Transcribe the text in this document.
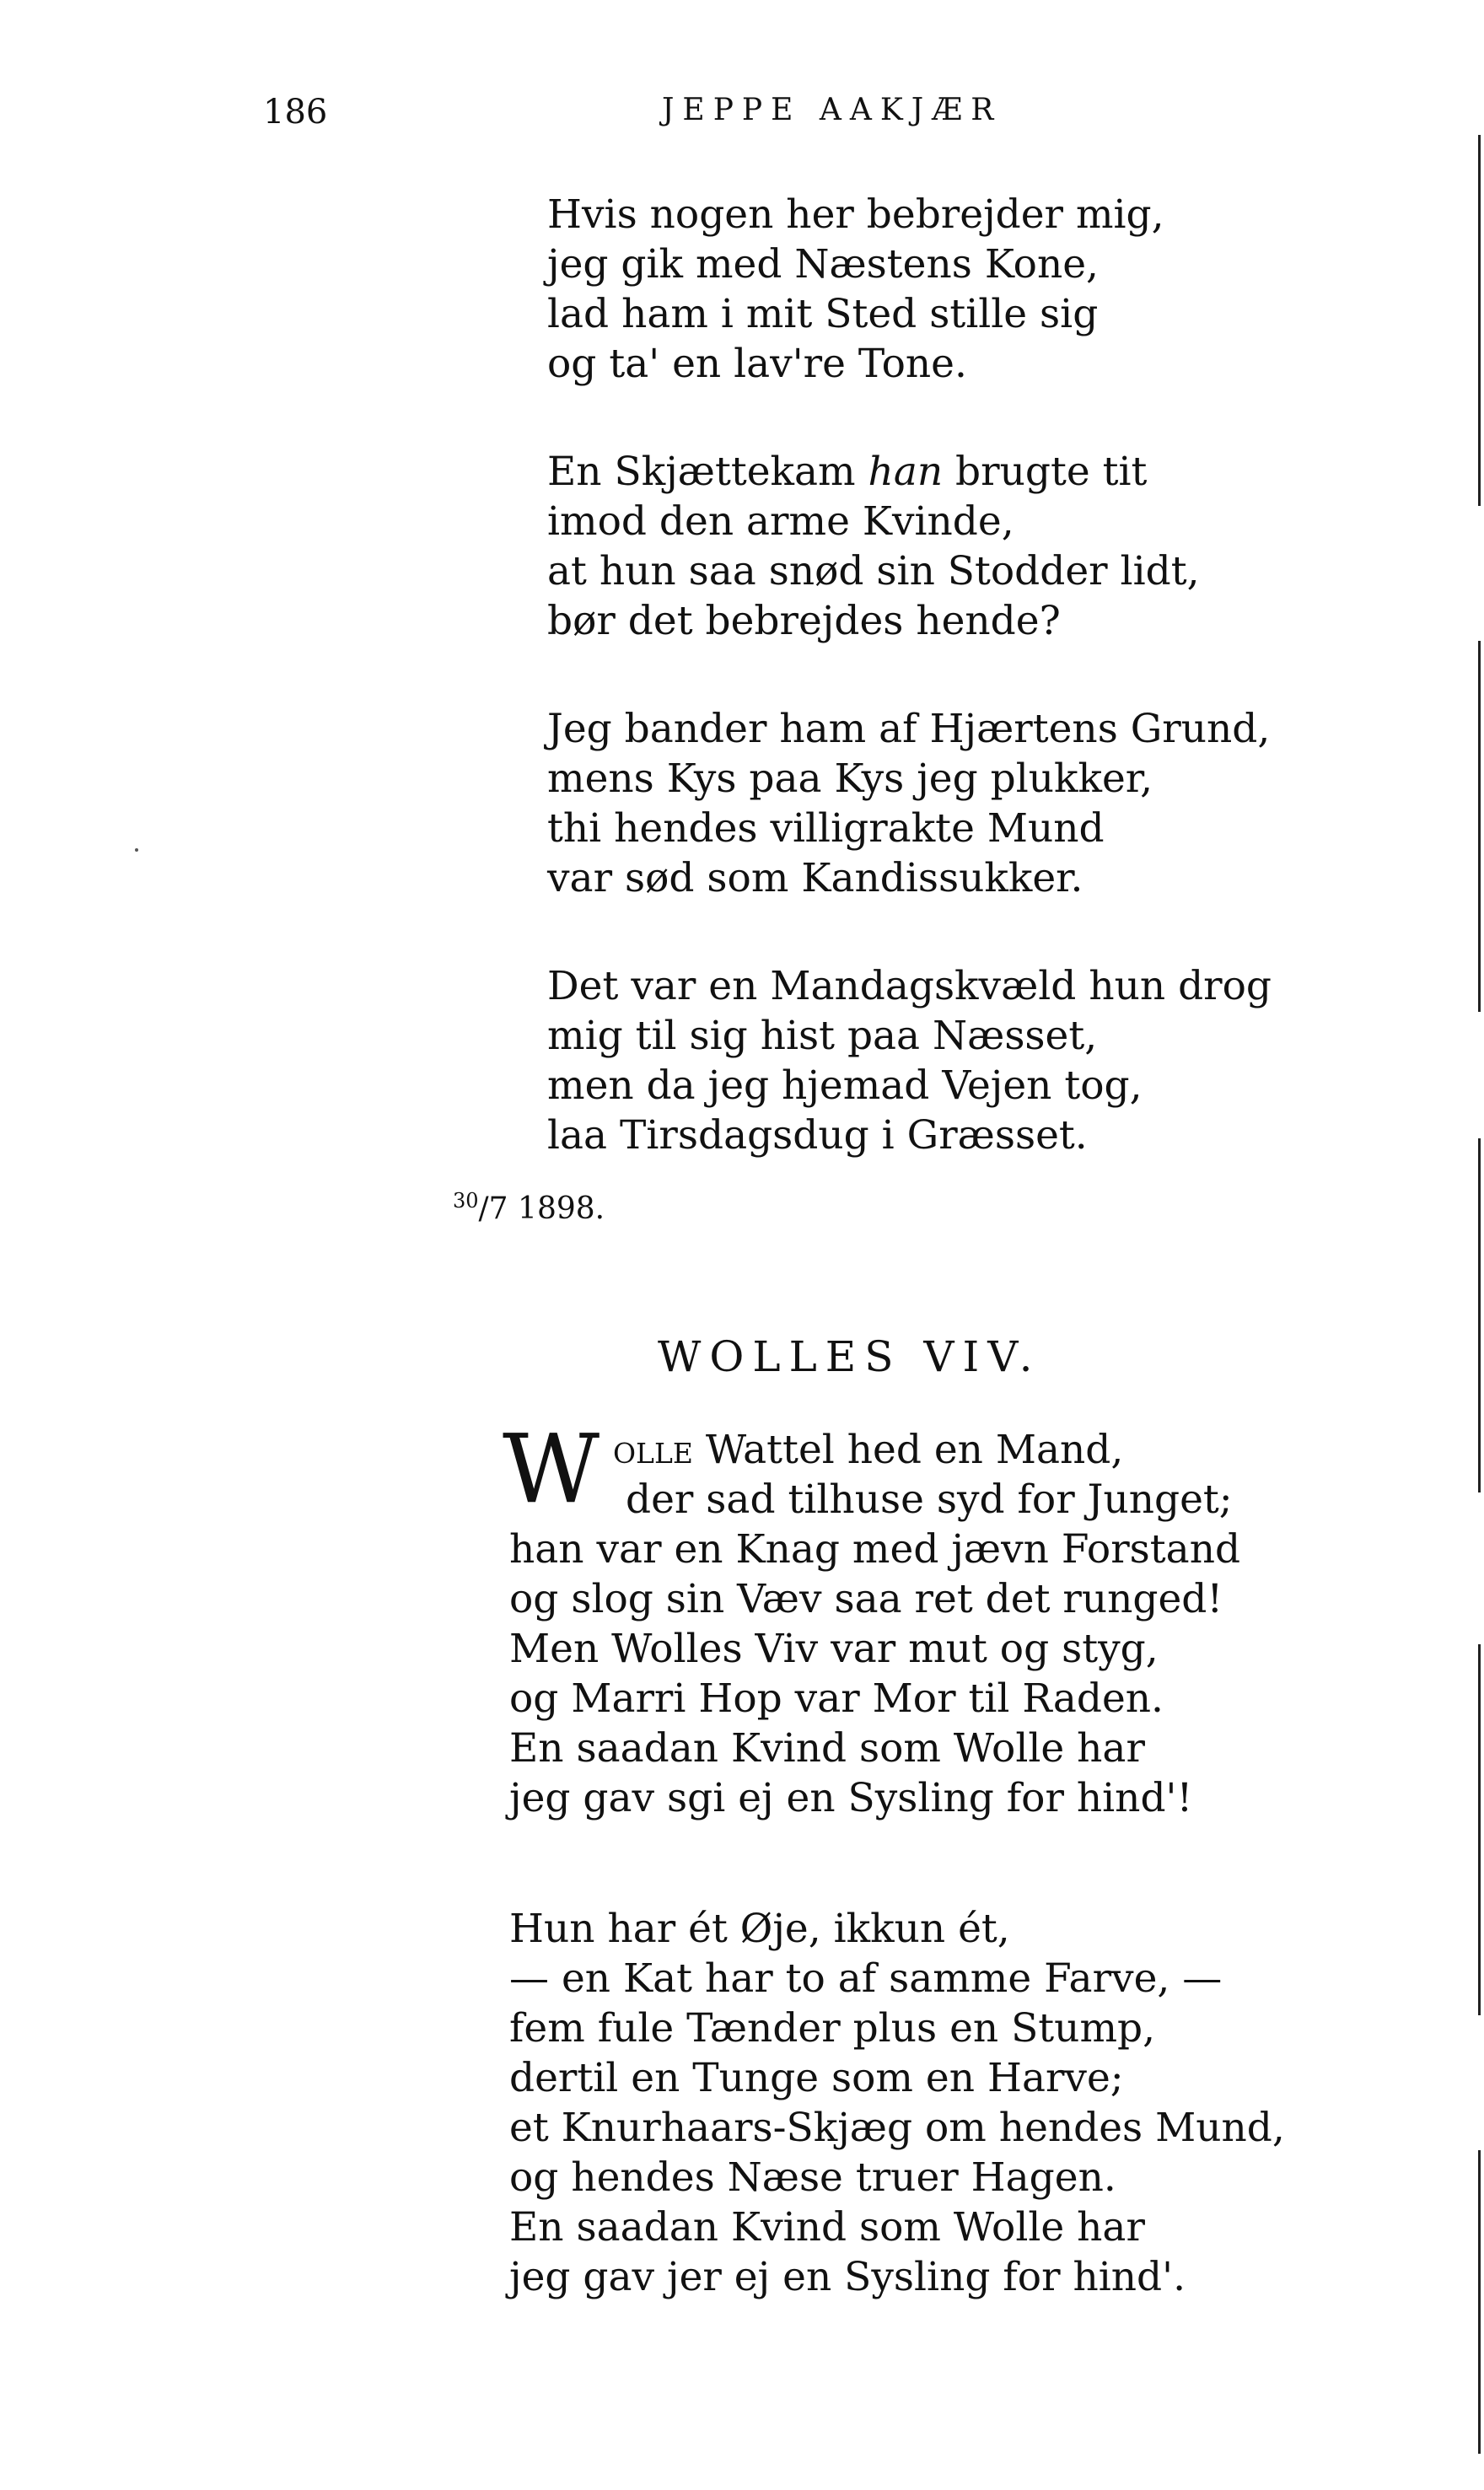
186	JEPPE AAKJÆR
Hvis nogen her bebrejder mig,
jeg gik med Næstens Kone,
lad ham i mit Sted stille sig
og ta' en lav're Tone.
En Skjættekam han brugte tit
imod den arme Kvinde,
at hun saa snød sin Stodder lidt,
bør det bebrejdes hende?
Jeg bander ham af Hjærtens Grund,
mens Kys paa Kys jeg plukker,
thi hendes villigrakte Mund
var sød som Kandissukker.
Det var en Mandagskvæld hun drog
mig til sig hist paa Næsset,
men da jeg hjemad Vejen tog,
laa Tirsdagsdug i Græsset.
$^{30}$/7 1898.
WOLLES VIV.
W olle Wattel hed en Mand,
der sad tilhuse syd for Junget;
han var en Knag med jævn Forstand
og slog sin Væv saa ret det runged!
Men Wolles Viv var mut og styg,
og Marri Hop var Mor til Raden.
En saadan Kvind som Wolle har
jeg gav sgi ej en Sysling for hind'!
Hun har ét Øje, ikkun ét,
— en Kat har to af samme Farve, —
fem fule Tænder plus en Stump,
dertil en Tunge som en Harve;
et Knurhaars-Skjæg om hendes Mund,
og hendes Næse truer Hagen.
En saadan Kvind som Wolle har
jeg gav jer ej en Sysling for hind'.
